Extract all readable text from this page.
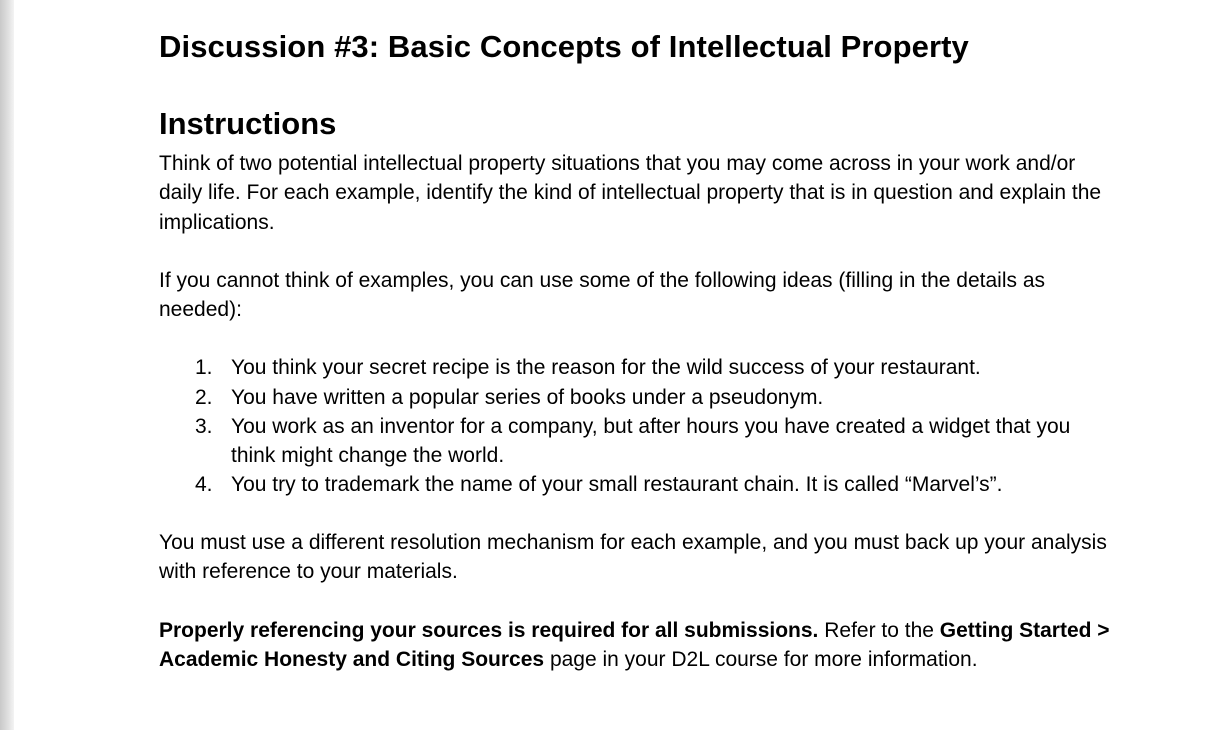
Discussion #3: Basic Concepts of Intellectual Property
Instructions

Think of two potential intellectual property situations that you may come across in your work and/or daily life. For each example, identify the kind of intellectual property that is in question and explain the implications.

If you cannot think of examples, you can use some of the following ideas (filling in the details as needed):

1. You think your secret recipe is the reason for the wild success of your restaurant.
2. You have written a popular series of books under a pseudonym.
3. You work as an inventor for a company, but after hours you have created a widget that you think might change the world.
4. You try to trademark the name of your small restaurant chain. It is called “Marvel’s”.

You must use a different resolution mechanism for each example, and you must back up your analysis with reference to your materials.

Properly referencing your sources is required for all submissions. Refer to the Getting Started > Academic Honesty and Citing Sources page in your D2L course for more information.
